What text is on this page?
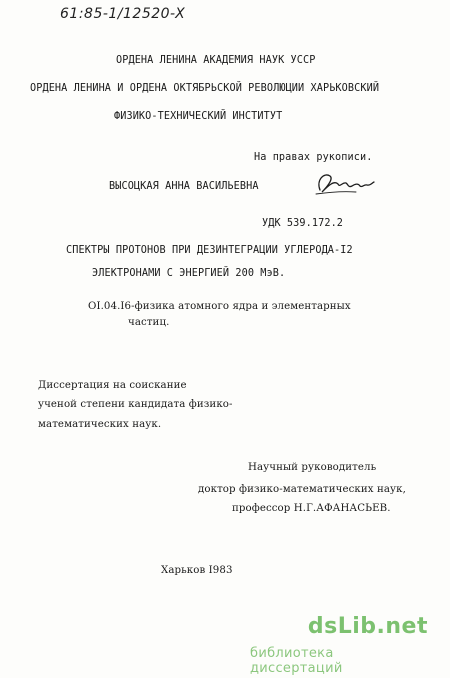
61:85-1/12520-X
ОРДЕНА ЛЕНИНА АКАДЕМИЯ НАУК УССР
ОРДЕНА ЛЕНИНА И ОРДЕНА ОКТЯБРЬСКОЙ РЕВОЛЮЦИИ ХАРЬКОВСКИЙ
ФИЗИКО-ТЕХНИЧЕСКИЙ ИНСТИТУТ
На правах рукописи.
ВЫСОЦКАЯ АННА ВАСИЛЬЕВНА
УДК 539.172.2
СПЕКТРЫ ПРОТОНОВ ПРИ ДЕЗИНТЕГРАЦИИ УГЛЕРОДА-I2
ЭЛЕКТРОНАМИ С ЭНЕРГИЕЙ 200 МэВ.
OI.04.I6-физика атомного ядра и элементарных
частиц.
Диссертация на соискание
ученой степени кандидата физико-
математических наук.
Научный руководитель
доктор физико-математических наук,
профессор Н.Г.АФАНАСЬЕВ.
Харьков I983
dsLib.net
библиотека диссертаций
